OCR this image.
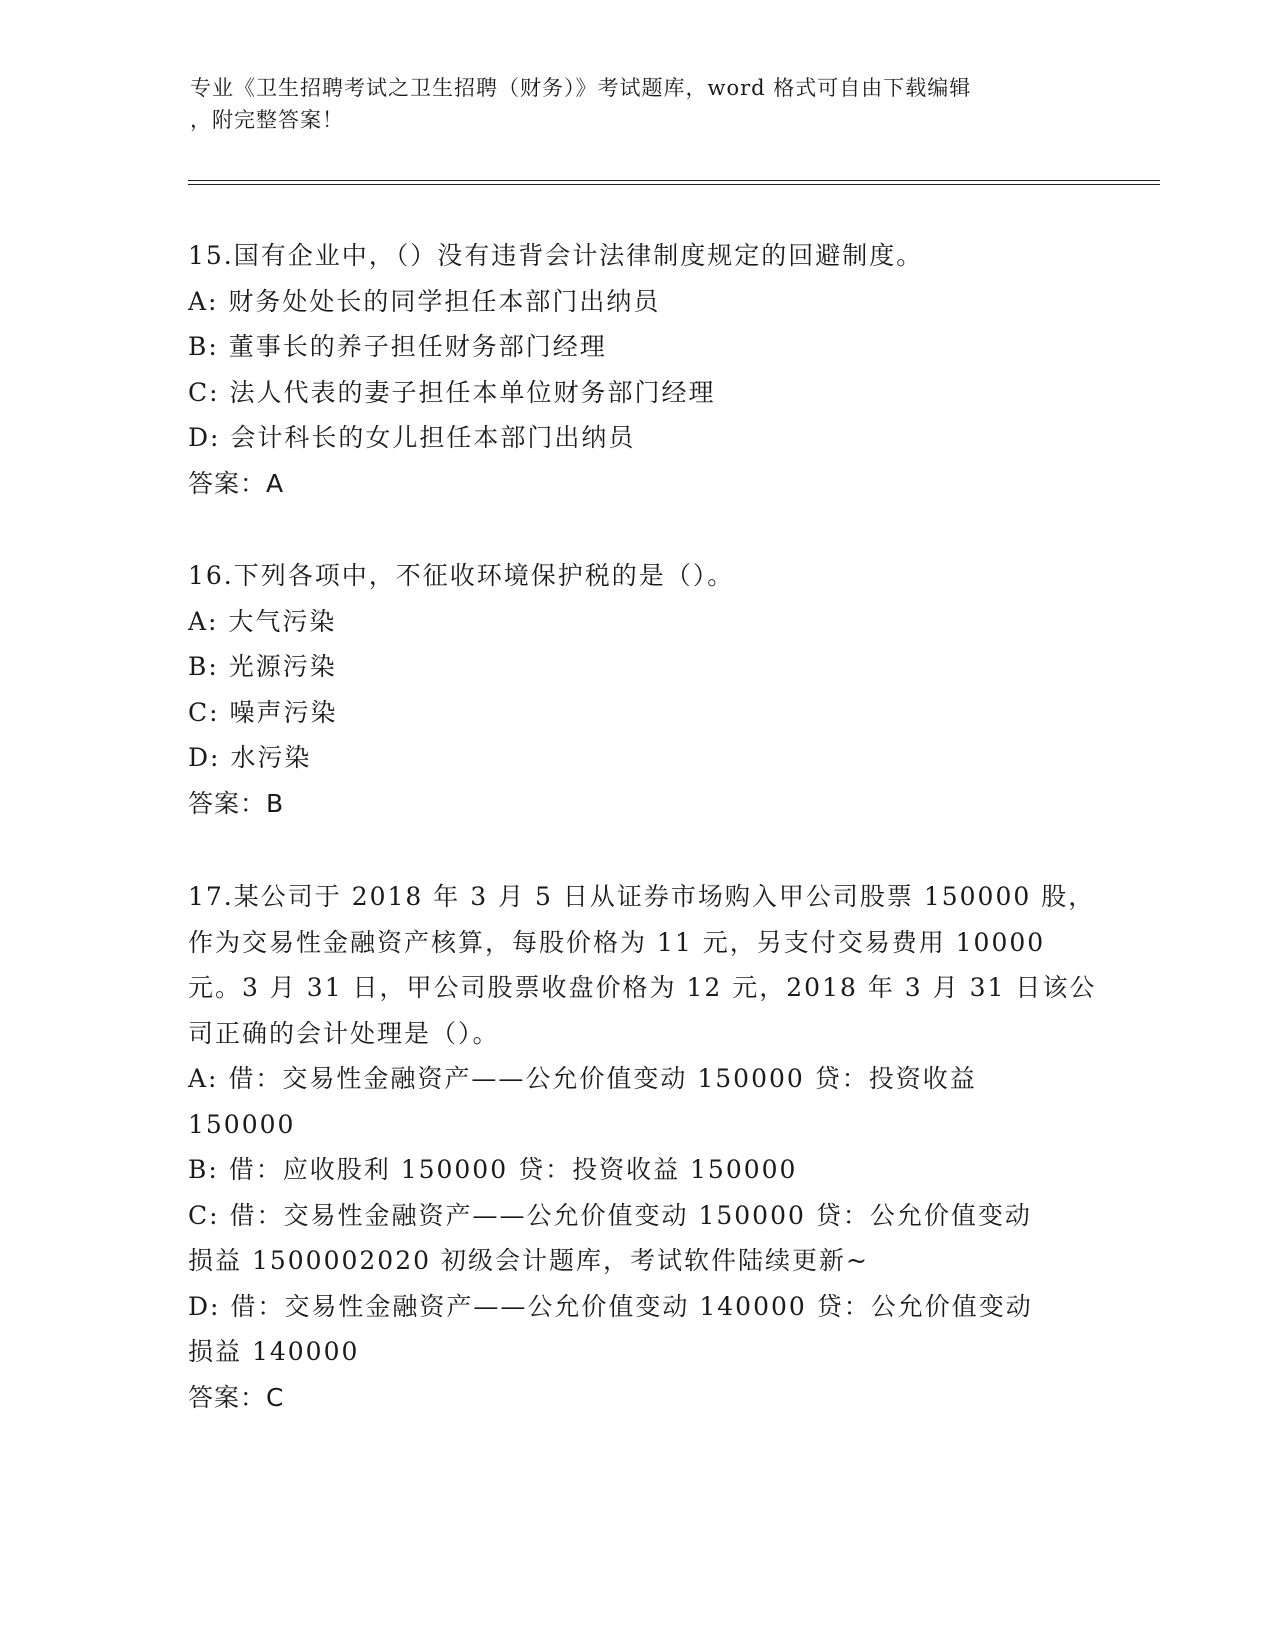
专业《卫生招聘考试之卫生招聘（财务）》考试题库，word 格式可自由下载编辑
，附完整答案！
15.国有企业中，（）没有违背会计法律制度规定的回避制度。
A: 财务处处长的同学担任本部门出纳员
B: 董事长的养子担任财务部门经理
C: 法人代表的妻子担任本单位财务部门经理
D: 会计科长的女儿担任本部门出纳员
答案：A
16.下列各项中，不征收环境保护税的是（）。
A: 大气污染
B: 光源污染
C: 噪声污染
D: 水污染
答案：B
17.某公司于 2018 年 3 月 5 日从证券市场购入甲公司股票 150000 股，
作为交易性金融资产核算，每股价格为 11 元，另支付交易费用 10000
元。3 月 31 日，甲公司股票收盘价格为 12 元，2018 年 3 月 31 日该公
司正确的会计处理是（）。
A: 借：交易性金融资产——公允价值变动 150000 贷：投资收益
150000
B: 借：应收股利 150000 贷：投资收益 150000
C: 借：交易性金融资产——公允价值变动 150000 贷：公允价值变动
损益 1500002020 初级会计题库，考试软件陆续更新~
D: 借：交易性金融资产——公允价值变动 140000 贷：公允价值变动
损益 140000
答案：C
